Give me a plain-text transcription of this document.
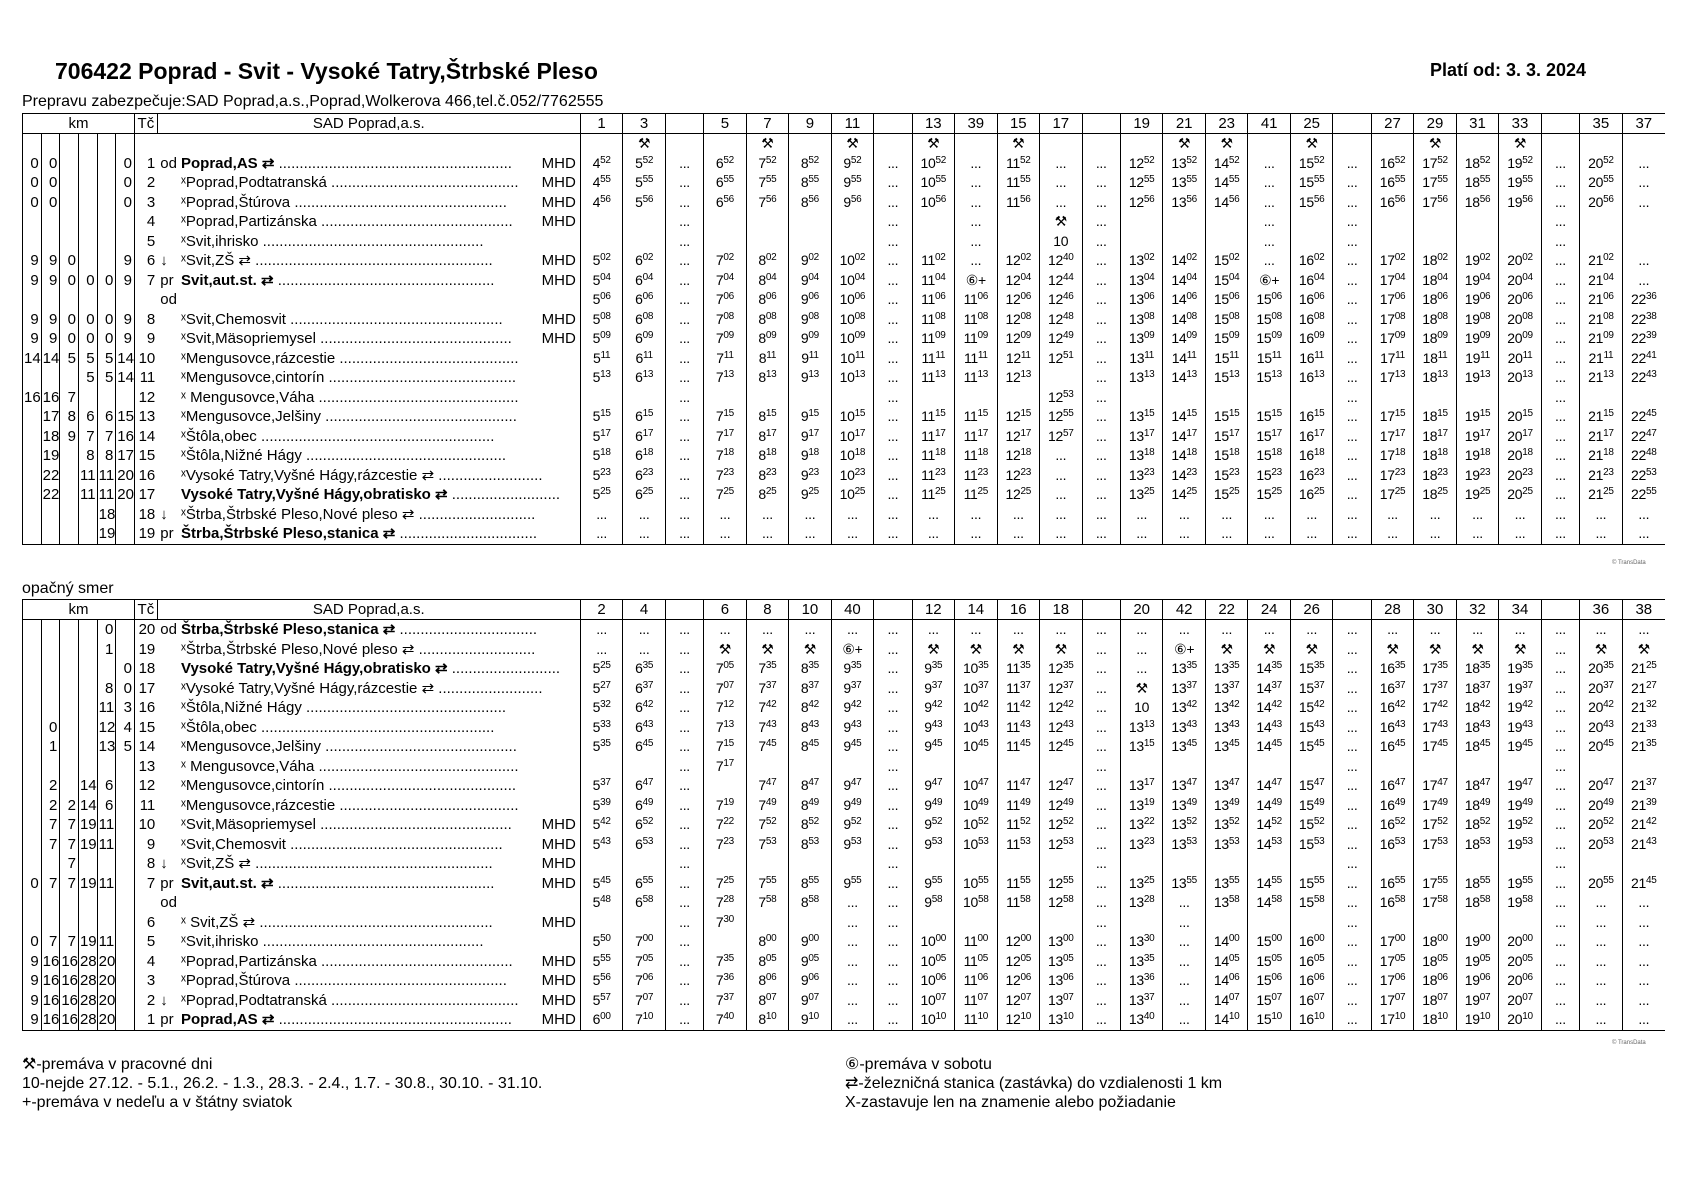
706422 Poprad - Svit - Vysoké Tatry,Štrbské Pleso	Platí od: 3. 3. 2024
Prepravu zabezpečuje:SAD Poprad,a.s.,Poprad,Wolkerova 466,tel.č.052/7762555
km						Tč	SAD Poprad,a.s.		1	3		5	7	9	11		13	39	15	17		19	21	23	41	25		27	29	31	33		35	37
										⚒			⚒		⚒		⚒		⚒				⚒	⚒		⚒			⚒		⚒			
0	0				0	1	od	Poprad,AS ⇄ ........................................................ MHD	$4^{52}$	$5^{52}$	...	$6^{52}$	$7^{52}$	$8^{52}$	$9^{52}$	...	$10^{52}$	...	$11^{52}$	...	...	$12^{52}$	$13^{52}$	$14^{52}$	...	$15^{52}$	...	$16^{52}$	$17^{52}$	$18^{52}$	$19^{52}$	...	$20^{52}$	...
0	0				0	2		ˣPoprad,Podtatranská ............................................. MHD	$4^{55}$	$5^{55}$	...	$6^{55}$	$7^{55}$	$8^{55}$	$9^{55}$	...	$10^{55}$	...	$11^{55}$	...	...	$12^{55}$	$13^{55}$	$14^{55}$	...	$15^{55}$	...	$16^{55}$	$17^{55}$	$18^{55}$	$19^{55}$	...	$20^{55}$	...
0	0				0	3		ˣPoprad,Štúrova ................................................... MHD	$4^{56}$	$5^{56}$	...	$6^{56}$	$7^{56}$	$8^{56}$	$9^{56}$	...	$10^{56}$	...	$11^{56}$	...	...	$12^{56}$	$13^{56}$	$14^{56}$	...	$15^{56}$	...	$16^{56}$	$17^{56}$	$18^{56}$	$19^{56}$	...	$20^{56}$	...
						4		ˣPoprad,Partizánska .............................................. MHD			...					...		...		⚒	...				...		...					...		
						5		ˣSvit,ihrisko .....................................................			...					...		...		10	...				...		...					...		
9	9	0			9	6	↓	ˣSvit,ZŠ ⇄ ......................................................... MHD	$5^{02}$	$6^{02}$	...	$7^{02}$	$8^{02}$	$9^{02}$	$10^{02}$	...	$11^{02}$	...	$12^{02}$	$12^{40}$	...	$13^{02}$	$14^{02}$	$15^{02}$	...	$16^{02}$	...	$17^{02}$	$18^{02}$	$19^{02}$	$20^{02}$	...	$21^{02}$	...
9	9	0	0	0	9	7	pr	Svit,aut.st. ⇄ .................................................... MHD	$5^{04}$	$6^{04}$	...	$7^{04}$	$8^{04}$	$9^{04}$	$10^{04}$	...	$11^{04}$	⑥+	$12^{04}$	$12^{44}$	...	$13^{04}$	$14^{04}$	$15^{04}$	⑥+	$16^{04}$	...	$17^{04}$	$18^{04}$	$19^{04}$	$20^{04}$	...	$21^{04}$	...
							od		$5^{06}$	$6^{06}$	...	$7^{06}$	$8^{06}$	$9^{06}$	$10^{06}$	...	$11^{06}$	$11^{06}$	$12^{06}$	$12^{46}$	...	$13^{06}$	$14^{06}$	$15^{06}$	$15^{06}$	$16^{06}$	...	$17^{06}$	$18^{06}$	$19^{06}$	$20^{06}$	...	$21^{06}$	$22^{36}$
9	9	0	0	0	9	8		ˣSvit,Chemosvit ................................................... MHD	$5^{08}$	$6^{08}$	...	$7^{08}$	$8^{08}$	$9^{08}$	$10^{08}$	...	$11^{08}$	$11^{08}$	$12^{08}$	$12^{48}$	...	$13^{08}$	$14^{08}$	$15^{08}$	$15^{08}$	$16^{08}$	...	$17^{08}$	$18^{08}$	$19^{08}$	$20^{08}$	...	$21^{08}$	$22^{38}$
9	9	0	0	0	9	9		ˣSvit,Mäsopriemysel .............................................. MHD	$5^{09}$	$6^{09}$	...	$7^{09}$	$8^{09}$	$9^{09}$	$10^{09}$	...	$11^{09}$	$11^{09}$	$12^{09}$	$12^{49}$	...	$13^{09}$	$14^{09}$	$15^{09}$	$15^{09}$	$16^{09}$	...	$17^{09}$	$18^{09}$	$19^{09}$	$20^{09}$	...	$21^{09}$	$22^{39}$
14	14	5	5	5	14	10		ˣMengusovce,rázcestie ...........................................	$5^{11}$	$6^{11}$	...	$7^{11}$	$8^{11}$	$9^{11}$	$10^{11}$	...	$11^{11}$	$11^{11}$	$12^{11}$	$12^{51}$	...	$13^{11}$	$14^{11}$	$15^{11}$	$15^{11}$	$16^{11}$	...	$17^{11}$	$18^{11}$	$19^{11}$	$20^{11}$	...	$21^{11}$	$22^{41}$
			5	5	14	11		ˣMengusovce,cintorín .............................................	$5^{13}$	$6^{13}$	...	$7^{13}$	$8^{13}$	$9^{13}$	$10^{13}$	...	$11^{13}$	$11^{13}$	$12^{13}$		...	$13^{13}$	$14^{13}$	$15^{13}$	$15^{13}$	$16^{13}$	...	$17^{13}$	$18^{13}$	$19^{13}$	$20^{13}$	...	$21^{13}$	$22^{43}$
16	16	7				12		ˣ Mengusovce,Váha ................................................			...					...				$12^{53}$	...						...					...		
	17	8	6	6	15	13		ˣMengusovce,Jelšiny ..............................................	$5^{15}$	$6^{15}$	...	$7^{15}$	$8^{15}$	$9^{15}$	$10^{15}$	...	$11^{15}$	$11^{15}$	$12^{15}$	$12^{55}$	...	$13^{15}$	$14^{15}$	$15^{15}$	$15^{15}$	$16^{15}$	...	$17^{15}$	$18^{15}$	$19^{15}$	$20^{15}$	...	$21^{15}$	$22^{45}$
	18	9	7	7	16	14		ˣŠtôla,obec ........................................................	$5^{17}$	$6^{17}$	...	$7^{17}$	$8^{17}$	$9^{17}$	$10^{17}$	...	$11^{17}$	$11^{17}$	$12^{17}$	$12^{57}$	...	$13^{17}$	$14^{17}$	$15^{17}$	$15^{17}$	$16^{17}$	...	$17^{17}$	$18^{17}$	$19^{17}$	$20^{17}$	...	$21^{17}$	$22^{47}$
	19		8	8	17	15		ˣŠtôla,Nižné Hágy ................................................	$5^{18}$	$6^{18}$	...	$7^{18}$	$8^{18}$	$9^{18}$	$10^{18}$	...	$11^{18}$	$11^{18}$	$12^{18}$	...	...	$13^{18}$	$14^{18}$	$15^{18}$	$15^{18}$	$16^{18}$	...	$17^{18}$	$18^{18}$	$19^{18}$	$20^{18}$	...	$21^{18}$	$22^{48}$
	22		11	11	20	16		ˣVysoké Tatry,Vyšné Hágy,rázcestie ⇄ .........................	$5^{23}$	$6^{23}$	...	$7^{23}$	$8^{23}$	$9^{23}$	$10^{23}$	...	$11^{23}$	$11^{23}$	$12^{23}$	...	...	$13^{23}$	$14^{23}$	$15^{23}$	$15^{23}$	$16^{23}$	...	$17^{23}$	$18^{23}$	$19^{23}$	$20^{23}$	...	$21^{23}$	$22^{53}$
	22		11	11	20	17		Vysoké Tatry,Vyšné Hágy,obratisko ⇄ ..........................	$5^{25}$	$6^{25}$	...	$7^{25}$	$8^{25}$	$9^{25}$	$10^{25}$	...	$11^{25}$	$11^{25}$	$12^{25}$	...	...	$13^{25}$	$14^{25}$	$15^{25}$	$15^{25}$	$16^{25}$	...	$17^{25}$	$18^{25}$	$19^{25}$	$20^{25}$	...	$21^{25}$	$22^{55}$
				18		18	↓	ˣŠtrba,Štrbské Pleso,Nové pleso ⇄ ............................	...	...	...	...	...	...	...	...	...	...	...	...	...	...	...	...	...	...	...	...	...	...	...	...	...	...
				19		19	pr	Štrba,Štrbské Pleso,stanica ⇄ .................................	...	...	...	...	...	...	...	...	...	...	...	...	...	...	...	...	...	...	...	...	...	...	...	...	...	...
© TransData
opačný smer
km						Tč	SAD Poprad,a.s.		2	4		6	8	10	40		12	14	16	18		20	42	22	24	26		28	30	32	34		36	38
				0		20	od	Štrba,Štrbské Pleso,stanica ⇄ .................................	...	...	...	...	...	...	...	...	...	...	...	...	...	...	...	...	...	...	...	...	...	...	...	...	...	...
				1		19		ˣŠtrba,Štrbské Pleso,Nové pleso ⇄ ............................	...	...	...	⚒	⚒	⚒	⑥+	...	⚒	⚒	⚒	⚒	...	...	⑥+	⚒	⚒	⚒	...	⚒	⚒	⚒	⚒	...	⚒	⚒
					0	18		Vysoké Tatry,Vyšné Hágy,obratisko ⇄ ..........................	$5^{25}$	$6^{35}$	...	$7^{05}$	$7^{35}$	$8^{35}$	$9^{35}$	...	$9^{35}$	$10^{35}$	$11^{35}$	$12^{35}$	...	...	$13^{35}$	$13^{35}$	$14^{35}$	$15^{35}$	...	$16^{35}$	$17^{35}$	$18^{35}$	$19^{35}$	...	$20^{35}$	$21^{25}$
				8	0	17		ˣVysoké Tatry,Vyšné Hágy,rázcestie ⇄ .........................	$5^{27}$	$6^{37}$	...	$7^{07}$	$7^{37}$	$8^{37}$	$9^{37}$	...	$9^{37}$	$10^{37}$	$11^{37}$	$12^{37}$	...	⚒	$13^{37}$	$13^{37}$	$14^{37}$	$15^{37}$	...	$16^{37}$	$17^{37}$	$18^{37}$	$19^{37}$	...	$20^{37}$	$21^{27}$
				11	3	16		ˣŠtôla,Nižné Hágy ................................................	$5^{32}$	$6^{42}$	...	$7^{12}$	$7^{42}$	$8^{42}$	$9^{42}$	...	$9^{42}$	$10^{42}$	$11^{42}$	$12^{42}$	...	10	$13^{42}$	$13^{42}$	$14^{42}$	$15^{42}$	...	$16^{42}$	$17^{42}$	$18^{42}$	$19^{42}$	...	$20^{42}$	$21^{32}$
	0			12	4	15		ˣŠtôla,obec ........................................................	$5^{33}$	$6^{43}$	...	$7^{13}$	$7^{43}$	$8^{43}$	$9^{43}$	...	$9^{43}$	$10^{43}$	$11^{43}$	$12^{43}$	...	$13^{13}$	$13^{43}$	$13^{43}$	$14^{43}$	$15^{43}$	...	$16^{43}$	$17^{43}$	$18^{43}$	$19^{43}$	...	$20^{43}$	$21^{33}$
	1			13	5	14		ˣMengusovce,Jelšiny ..............................................	$5^{35}$	$6^{45}$	...	$7^{15}$	$7^{45}$	$8^{45}$	$9^{45}$	...	$9^{45}$	$10^{45}$	$11^{45}$	$12^{45}$	...	$13^{15}$	$13^{45}$	$13^{45}$	$14^{45}$	$15^{45}$	...	$16^{45}$	$17^{45}$	$18^{45}$	$19^{45}$	...	$20^{45}$	$21^{35}$
						13		ˣ Mengusovce,Váha ................................................			...	$7^{17}$				...					...						...					...		
	2		14	6		12		ˣMengusovce,cintorín .............................................	$5^{37}$	$6^{47}$	...		$7^{47}$	$8^{47}$	$9^{47}$	...	$9^{47}$	$10^{47}$	$11^{47}$	$12^{47}$	...	$13^{17}$	$13^{47}$	$13^{47}$	$14^{47}$	$15^{47}$	...	$16^{47}$	$17^{47}$	$18^{47}$	$19^{47}$	...	$20^{47}$	$21^{37}$
	2	2	14	6		11		ˣMengusovce,rázcestie ...........................................	$5^{39}$	$6^{49}$	...	$7^{19}$	$7^{49}$	$8^{49}$	$9^{49}$	...	$9^{49}$	$10^{49}$	$11^{49}$	$12^{49}$	...	$13^{19}$	$13^{49}$	$13^{49}$	$14^{49}$	$15^{49}$	...	$16^{49}$	$17^{49}$	$18^{49}$	$19^{49}$	...	$20^{49}$	$21^{39}$
	7	7	19	11		10		ˣSvit,Mäsopriemysel .............................................. MHD	$5^{42}$	$6^{52}$	...	$7^{22}$	$7^{52}$	$8^{52}$	$9^{52}$	...	$9^{52}$	$10^{52}$	$11^{52}$	$12^{52}$	...	$13^{22}$	$13^{52}$	$13^{52}$	$14^{52}$	$15^{52}$	...	$16^{52}$	$17^{52}$	$18^{52}$	$19^{52}$	...	$20^{52}$	$21^{42}$
	7	7	19	11		9		ˣSvit,Chemosvit ................................................... MHD	$5^{43}$	$6^{53}$	...	$7^{23}$	$7^{53}$	$8^{53}$	$9^{53}$	...	$9^{53}$	$10^{53}$	$11^{53}$	$12^{53}$	...	$13^{23}$	$13^{53}$	$13^{53}$	$14^{53}$	$15^{53}$	...	$16^{53}$	$17^{53}$	$18^{53}$	$19^{53}$	...	$20^{53}$	$21^{43}$
		7				8	↓	ˣSvit,ZŠ ⇄ ......................................................... MHD			...					...					...						...					...		
0	7	7	19	11		7	pr	Svit,aut.st. ⇄ .................................................... MHD	$5^{45}$	$6^{55}$	...	$7^{25}$	$7^{55}$	$8^{55}$	$9^{55}$	...	$9^{55}$	$10^{55}$	$11^{55}$	$12^{55}$	...	$13^{25}$	$13^{55}$	$13^{55}$	$14^{55}$	$15^{55}$	...	$16^{55}$	$17^{55}$	$18^{55}$	$19^{55}$	...	$20^{55}$	$21^{45}$
							od		$5^{48}$	$6^{58}$	...	$7^{28}$	$7^{58}$	$8^{58}$	...	...	$9^{58}$	$10^{58}$	$11^{58}$	$12^{58}$	...	$13^{28}$	...	$13^{58}$	$14^{58}$	$15^{58}$	...	$16^{58}$	$17^{58}$	$18^{58}$	$19^{58}$	...	...	...
						6		ˣ Svit,ZŠ ⇄ ........................................................ MHD			...	$7^{30}$			...	...					...		...				...					...	...	...
0	7	7	19	11		5		ˣSvit,ihrisko .....................................................	$5^{50}$	$7^{00}$	...		$8^{00}$	$9^{00}$	...	...	$10^{00}$	$11^{00}$	$12^{00}$	$13^{00}$	...	$13^{30}$	...	$14^{00}$	$15^{00}$	$16^{00}$	...	$17^{00}$	$18^{00}$	$19^{00}$	$20^{00}$	...	...	...
9	16	16	28	20		4		ˣPoprad,Partizánska .............................................. MHD	$5^{55}$	$7^{05}$	...	$7^{35}$	$8^{05}$	$9^{05}$	...	...	$10^{05}$	$11^{05}$	$12^{05}$	$13^{05}$	...	$13^{35}$	...	$14^{05}$	$15^{05}$	$16^{05}$	...	$17^{05}$	$18^{05}$	$19^{05}$	$20^{05}$	...	...	...
9	16	16	28	20		3		ˣPoprad,Štúrova ................................................... MHD	$5^{56}$	$7^{06}$	...	$7^{36}$	$8^{06}$	$9^{06}$	...	...	$10^{06}$	$11^{06}$	$12^{06}$	$13^{06}$	...	$13^{36}$	...	$14^{06}$	$15^{06}$	$16^{06}$	...	$17^{06}$	$18^{06}$	$19^{06}$	$20^{06}$	...	...	...
9	16	16	28	20		2	↓	ˣPoprad,Podtatranská ............................................. MHD	$5^{57}$	$7^{07}$	...	$7^{37}$	$8^{07}$	$9^{07}$	...	...	$10^{07}$	$11^{07}$	$12^{07}$	$13^{07}$	...	$13^{37}$	...	$14^{07}$	$15^{07}$	$16^{07}$	...	$17^{07}$	$18^{07}$	$19^{07}$	$20^{07}$	...	...	...
9	16	16	28	20		1	pr	Poprad,AS ⇄ ........................................................ MHD	$6^{00}$	$7^{10}$	...	$7^{40}$	$8^{10}$	$9^{10}$	...	...	$10^{10}$	$11^{10}$	$12^{10}$	$13^{10}$	...	$13^{40}$	...	$14^{10}$	$15^{10}$	$16^{10}$	...	$17^{10}$	$18^{10}$	$19^{10}$	$20^{10}$	...	...	...
© TransData
⚒-premáva v pracovné dni
10-nejde 27.12. - 5.1., 26.2. - 1.3., 28.3. - 2.4., 1.7. - 30.8., 30.10. - 31.10.
+-premáva v nedeľu a v štátny sviatok
⑥-premáva v sobotu
⇄-železničná stanica (zastávka) do vzdialenosti 1 km
X-zastavuje len na znamenie alebo požiadanie
